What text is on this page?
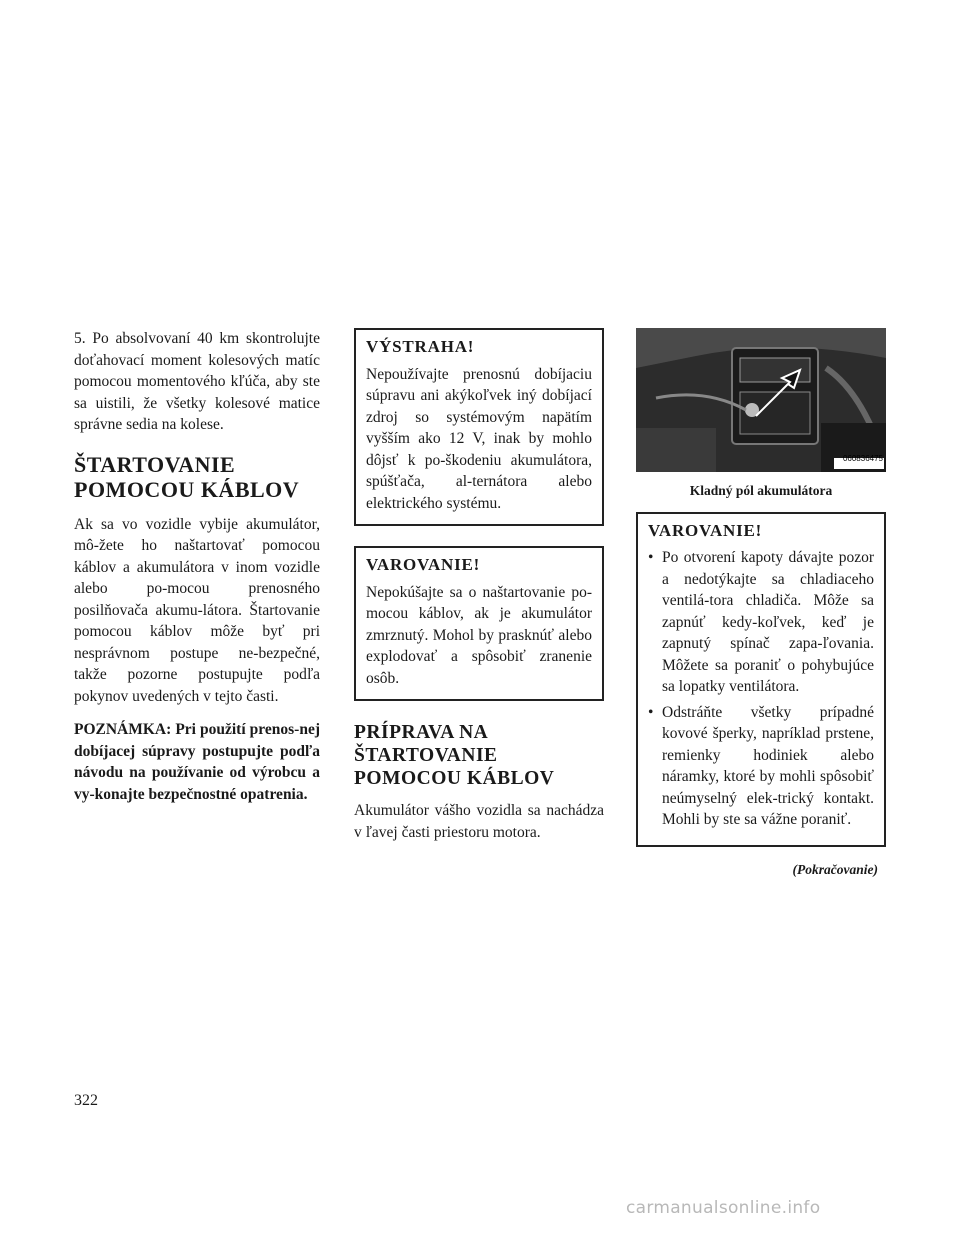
5. Po absolvovaní 40 km skontrolujte doťahovací moment kolesových matíc pomocou momentového kľúča, aby ste sa uistili, že všetky kolesové matice správne sedia na kolese.

ŠTARTOVANIE
POMOCOU KÁBLOV

Ak sa vo vozidle vybije akumulátor, mô-žete ho naštartovať pomocou káblov a akumulátora v inom vozidle alebo po-mocou prenosného posilňovača akumu-látora. Štartovanie pomocou káblov môže byť pri nesprávnom postupe ne-bezpečné, takže pozorne postupujte podľa pokynov uvedených v tejto časti.

POZNÁMKA: Pri použití prenos-nej dobíjacej súpravy postupujte podľa návodu na používanie od výrobcu a vy-konajte bezpečnostné opatrenia.

VÝSTRAHA!

Nepoužívajte prenosnú dobíjaciu súpravu ani akýkoľvek iný dobíjací zdroj so systémovým napätím vyšším ako 12 V, inak by mohlo dôjsť k po-škodeniu akumulátora, spúšťača, al-ternátora alebo elektrického systému.

VAROVANIE!

Nepokúšajte sa o naštartovanie po-mocou káblov, ak je akumulátor zmrznutý. Mohol by prasknúť alebo explodovať a spôsobiť zranenie osôb.

PRÍPRAVA NA
ŠTARTOVANIE
POMOCOU KÁBLOV

Akumulátor vášho vozidla sa nachádza v ľavej časti priestoru motora.

060836475
Kladný pól akumulátora
VAROVANIE!
• Po otvorení kapoty dávajte pozor a nedotýkajte sa chladiaceho ventilá-tora chladiča. Môže sa zapnúť kedy-koľvek, keď je zapnutý spínač zapa-ľovania. Môžete sa poraniť o pohybujúce sa lopatky ventilátora.
• Odstráňte všetky prípadné kovové šperky, napríklad prstene, remienky hodiniek alebo náramky, ktoré by mohli spôsobiť neúmyselný elek-trický kontakt. Mohli by ste sa vážne poraniť.
(Pokračovanie)
322
carmanualsonline.info
